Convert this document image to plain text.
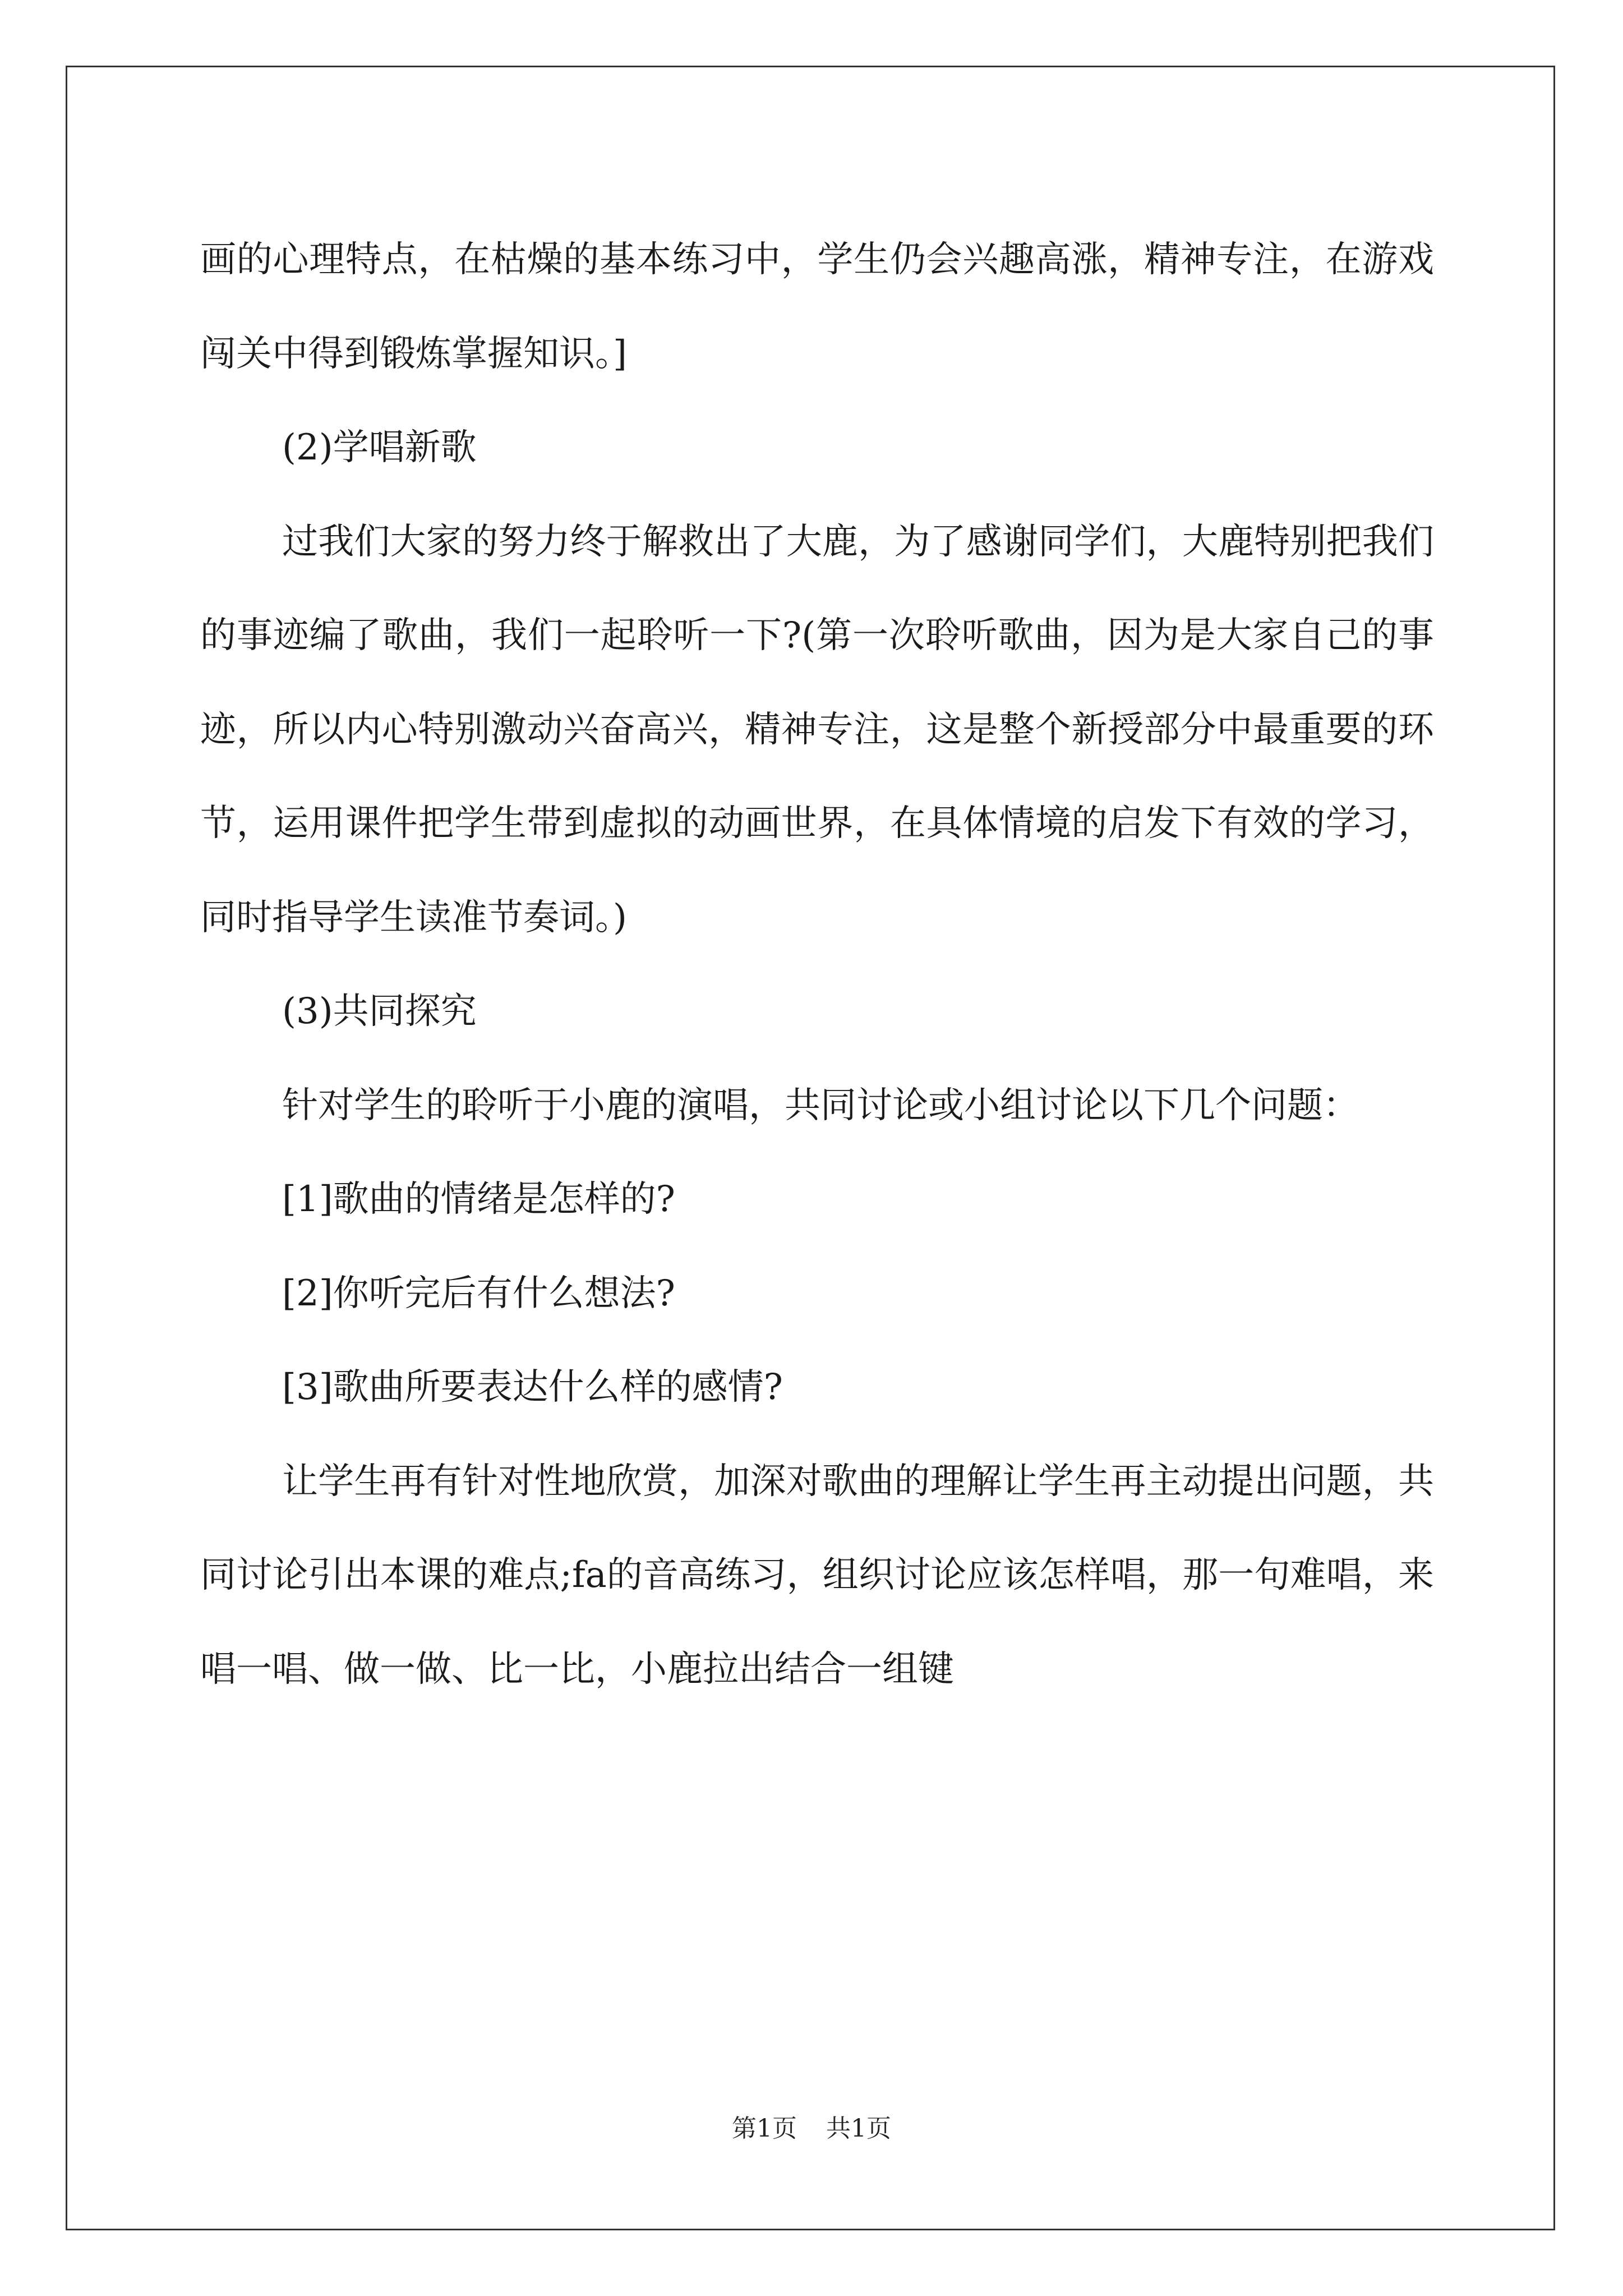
画的心理特点，在枯燥的基本练习中，学生仍会兴趣高涨，精神专注，在游戏闯关中得到锻炼掌握知识。]

(2)学唱新歌

过我们大家的努力终于解救出了大鹿，为了感谢同学们，大鹿特别把我们的事迹编了歌曲，我们一起聆听一下?(第一次聆听歌曲，因为是大家自己的事迹，所以内心特别激动兴奋高兴，精神专注，这是整个新授部分中最重要的环节，运用课件把学生带到虚拟的动画世界，在具体情境的启发下有效的学习，同时指导学生读准节奏词。)

(3)共同探究

针对学生的聆听于小鹿的演唱，共同讨论或小组讨论以下几个问题：

[1]歌曲的情绪是怎样的?

[2]你听完后有什么想法?

[3]歌曲所要表达什么样的感情?

让学生再有针对性地欣赏，加深对歌曲的理解让学生再主动提出问题，共同讨论引出本课的难点;fa的音高练习，组织讨论应该怎样唱，那一句难唱，来唱一唱、做一做、比一比，小鹿拉出结合一组键

第1页 共1页
